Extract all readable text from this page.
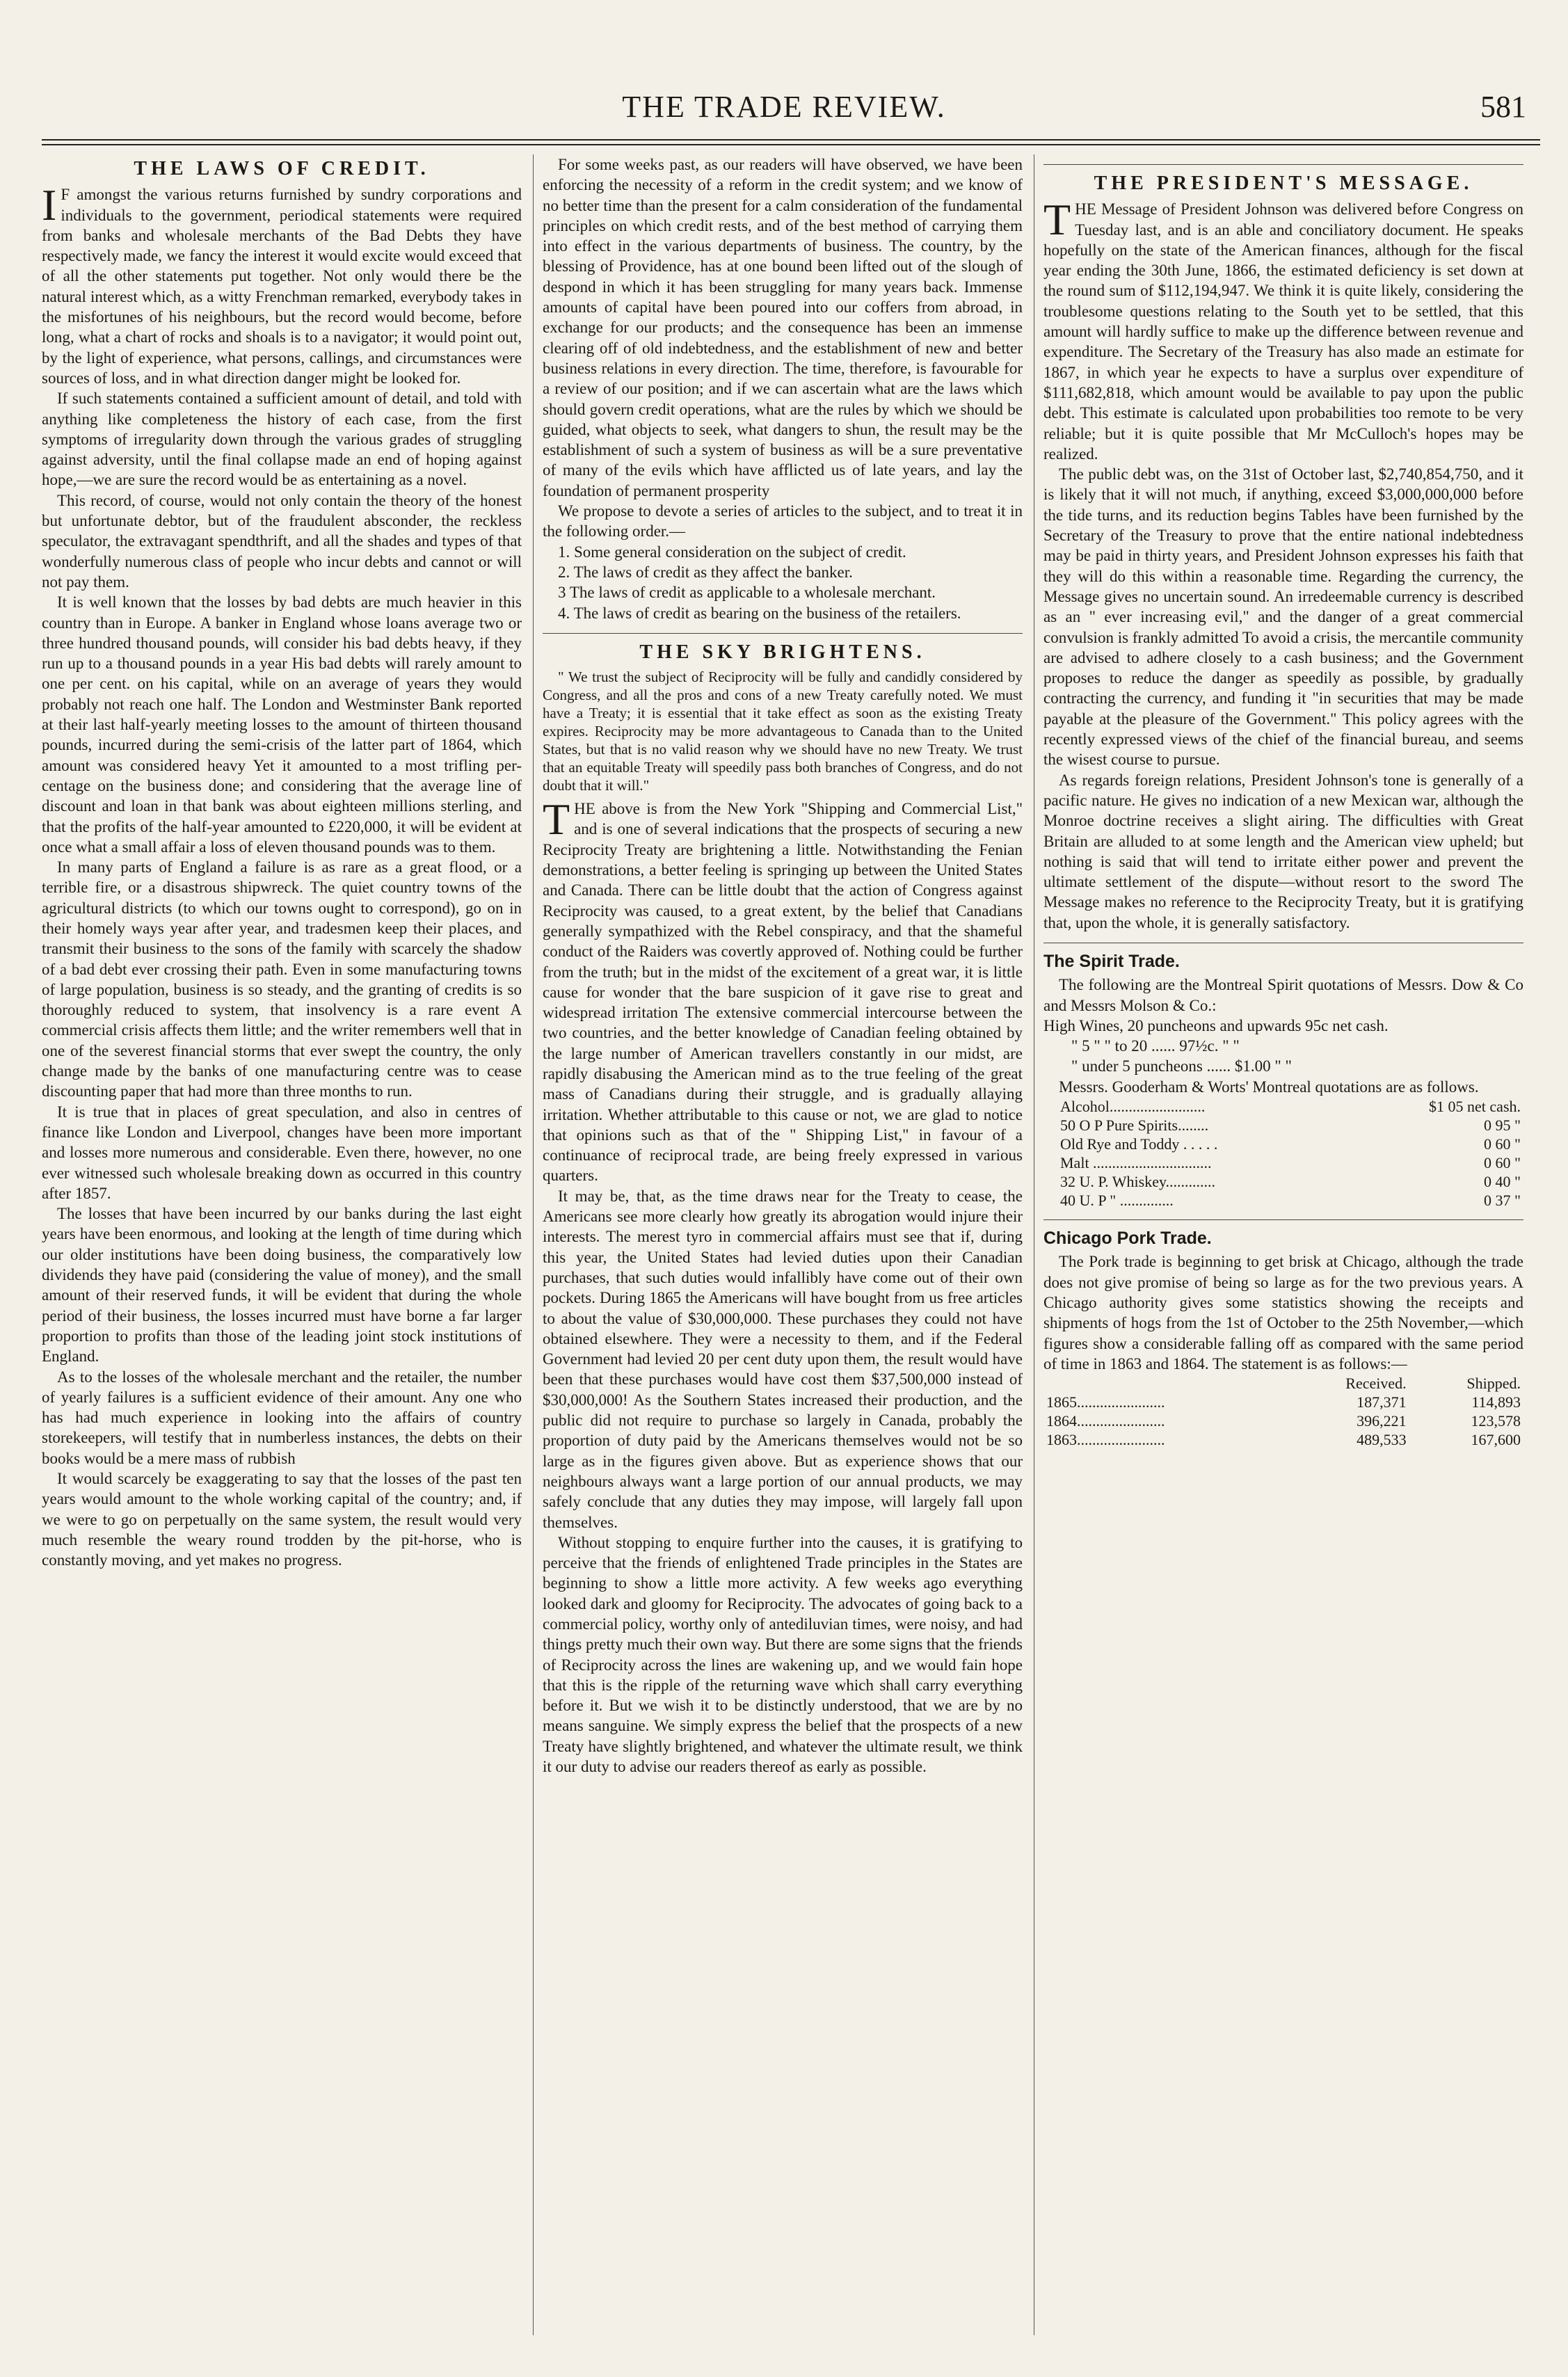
THE TRADE REVIEW.	581
THE LAWS OF CREDIT.

I F amongst the various returns furnished by sundry corporations and individuals to the government, periodical statements were required from banks and wholesale merchants of the Bad Debts they have respectively made, we fancy the interest it would excite would exceed that of all the other statements put together. Not only would there be the natural interest which, as a witty Frenchman remarked, everybody takes in the misfortunes of his neighbours, but the record would become, before long, what a chart of rocks and shoals is to a navigator; it would point out, by the light of experience, what persons, callings, and circumstances were sources of loss, and in what direction danger might be looked for.

If such statements contained a sufficient amount of detail, and told with anything like completeness the history of each case, from the first symptoms of irregularity down through the various grades of struggling against adversity, until the final collapse made an end of hoping against hope,—we are sure the record would be as entertaining as a novel.

This record, of course, would not only contain the theory of the honest but unfortunate debtor, but of the fraudulent absconder, the reckless speculator, the extravagant spendthrift, and all the shades and types of that wonderfully numerous class of people who incur debts and cannot or will not pay them.

It is well known that the losses by bad debts are much heavier in this country than in Europe. A banker in England whose loans average two or three hundred thousand pounds, will consider his bad debts heavy, if they run up to a thousand pounds in a year His bad debts will rarely amount to one per cent. on his capital, while on an average of years they would probably not reach one half. The London and Westminster Bank reported at their last half-yearly meeting losses to the amount of thirteen thousand pounds, incurred during the semi-crisis of the latter part of 1864, which amount was considered heavy Yet it amounted to a most trifling per-centage on the business done; and considering that the average line of discount and loan in that bank was about eighteen millions sterling, and that the profits of the half-year amounted to £220,000, it will be evident at once what a small affair a loss of eleven thousand pounds was to them.

In many parts of England a failure is as rare as a great flood, or a terrible fire, or a disastrous shipwreck. The quiet country towns of the agricultural districts (to which our towns ought to correspond), go on in their homely ways year after year, and tradesmen keep their places, and transmit their business to the sons of the family with scarcely the shadow of a bad debt ever crossing their path. Even in some manufacturing towns of large population, business is so steady, and the granting of credits is so thoroughly reduced to system, that insolvency is a rare event A commercial crisis affects them little; and the writer remembers well that in one of the severest financial storms that ever swept the country, the only change made by the banks of one manufacturing centre was to cease discounting paper that had more than three months to run.

It is true that in places of great speculation, and also in centres of finance like London and Liverpool, changes have been more important and losses more numerous and considerable. Even there, however, no one ever witnessed such wholesale breaking down as occurred in this country after 1857.

The losses that have been incurred by our banks during the last eight years have been enormous, and looking at the length of time during which our older institutions have been doing business, the comparatively low dividends they have paid (considering the value of money), and the small amount of their reserved funds, it will be evident that during the whole period of their business, the losses incurred must have borne a far larger proportion to profits than those of the leading joint stock institutions of England.

As to the losses of the wholesale merchant and the retailer, the number of yearly failures is a sufficient evidence of their amount. Any one who has had much experience in looking into the affairs of country storekeepers, will testify that in numberless instances, the debts on their books would be a mere mass of rubbish

It would scarcely be exaggerating to say that the losses of the past ten years would amount to the whole working capital of the country; and, if we were to go on perpetually on the same system, the result would very much resemble the weary round trodden by the pit-horse, who is constantly moving, and yet makes no progress.

For some weeks past, as our readers will have observed, we have been enforcing the necessity of a reform in the credit system; and we know of no better time than the present for a calm consideration of the fundamental principles on which credit rests, and of the best method of carrying them into effect in the various departments of business. The country, by the blessing of Providence, has at one bound been lifted out of the slough of despond in which it has been struggling for many years back. Immense amounts of capital have been poured into our coffers from abroad, in exchange for our products; and the consequence has been an immense clearing off of old indebtedness, and the establishment of new and better business relations in every direction. The time, therefore, is favourable for a review of our position; and if we can ascertain what are the laws which should govern credit operations, what are the rules by which we should be guided, what objects to seek, what dangers to shun, the result may be the establishment of such a system of business as will be a sure preventative of many of the evils which have afflicted us of late years, and lay the foundation of permanent prosperity

We propose to devote a series of articles to the subject, and to treat it in the following order.—

1. Some general consideration on the subject of credit.

2. The laws of credit as they affect the banker.

3 The laws of credit as applicable to a wholesale merchant.

4. The laws of credit as bearing on the business of the retailers.

THE SKY BRIGHTENS.

" We trust the subject of Reciprocity will be fully and candidly considered by Congress, and all the pros and cons of a new Treaty carefully noted. We must have a Treaty; it is essential that it take effect as soon as the existing Treaty expires. Reciprocity may be more advantageous to Canada than to the United States, but that is no valid reason why we should have no new Treaty. We trust that an equitable Treaty will speedily pass both branches of Congress, and do not doubt that it will."

THE above is from the New York "Shipping and Commercial List," and is one of several indications that the prospects of securing a new Reciprocity Treaty are brightening a little. Notwithstanding the Fenian demonstrations, a better feeling is springing up between the United States and Canada. There can be little doubt that the action of Congress against Reciprocity was caused, to a great extent, by the belief that Canadians generally sympathized with the Rebel conspiracy, and that the shameful conduct of the Raiders was covertly approved of. Nothing could be further from the truth; but in the midst of the excitement of a great war, it is little cause for wonder that the bare suspicion of it gave rise to great and widespread irritation The extensive commercial intercourse between the two countries, and the better knowledge of Canadian feeling obtained by the large number of American travellers constantly in our midst, are rapidly disabusing the American mind as to the true feeling of the great mass of Canadians during their struggle, and is gradually allaying irritation. Whether attributable to this cause or not, we are glad to notice that opinions such as that of the " Shipping List," in favour of a continuance of reciprocal trade, are being freely expressed in various quarters.

It may be, that, as the time draws near for the Treaty to cease, the Americans see more clearly how greatly its abrogation would injure their interests. The merest tyro in commercial affairs must see that if, during this year, the United States had levied duties upon their Canadian purchases, that such duties would infallibly have come out of their own pockets. During 1865 the Americans will have bought from us free articles to about the value of $30,000,000. These purchases they could not have obtained elsewhere. They were a necessity to them, and if the Federal Government had levied 20 per cent duty upon them, the result would have been that these purchases would have cost them $37,500,000 instead of $30,000,000! As the Southern States increased their production, and the public did not require to purchase so largely in Canada, probably the proportion of duty paid by the Americans themselves would not be so large as in the figures given above. But as experience shows that our neighbours always want a large portion of our annual products, we may safely conclude that any duties they may impose, will largely fall upon themselves.

Without stopping to enquire further into the causes, it is gratifying to perceive that the friends of enlightened Trade principles in the States are beginning to show a little more activity. A few weeks ago everything looked dark and gloomy for Reciprocity. The advocates of going back to a commercial policy, worthy only of antediluvian times, were noisy, and had things pretty much their own way. But there are some signs that the friends of Reciprocity across the lines are wakening up, and we would fain hope that this is the ripple of the returning wave which shall carry everything before it. But we wish it to be distinctly understood, that we are by no means sanguine. We simply express the belief that the prospects of a new Treaty have slightly brightened, and whatever the ultimate result, we think it our duty to advise our readers thereof as early as possible.

THE PRESIDENT'S MESSAGE.

THE Message of President Johnson was delivered before Congress on Tuesday last, and is an able and conciliatory document. He speaks hopefully on the state of the American finances, although for the fiscal year ending the 30th June, 1866, the estimated deficiency is set down at the round sum of $112,194,947. We think it is quite likely, considering the troublesome questions relating to the South yet to be settled, that this amount will hardly suffice to make up the difference between revenue and expenditure. The Secretary of the Treasury has also made an estimate for 1867, in which year he expects to have a surplus over expenditure of $111,682,818, which amount would be available to pay upon the public debt. This estimate is calculated upon probabilities too remote to be very reliable; but it is quite possible that Mr McCulloch's hopes may be realized.

The public debt was, on the 31st of October last, $2,740,854,750, and it is likely that it will not much, if anything, exceed $3,000,000,000 before the tide turns, and its reduction begins Tables have been furnished by the Secretary of the Treasury to prove that the entire national indebtedness may be paid in thirty years, and President Johnson expresses his faith that they will do this within a reasonable time. Regarding the currency, the Message gives no uncertain sound. An irredeemable currency is described as an " ever increasing evil," and the danger of a great commercial convulsion is frankly admitted To avoid a crisis, the mercantile community are advised to adhere closely to a cash business; and the Government proposes to reduce the danger as speedily as possible, by gradually contracting the currency, and funding it "in securities that may be made payable at the pleasure of the Government." This policy agrees with the recently expressed views of the chief of the financial bureau, and seems the wisest course to pursue.

As regards foreign relations, President Johnson's tone is generally of a pacific nature. He gives no indication of a new Mexican war, although the Monroe doctrine receives a slight airing. The difficulties with Great Britain are alluded to at some length and the American view upheld; but nothing is said that will tend to irritate either power and prevent the ultimate settlement of the dispute—without resort to the sword The Message makes no reference to the Reciprocity Treaty, but it is gratifying that, upon the whole, it is generally satisfactory.

The Spirit Trade.

The following are the Montreal Spirit quotations of Messrs. Dow & Co and Messrs Molson & Co.:

High Wines, 20 puncheons and upwards 95c net cash.

" 5 " " to 20 ...... 97½c. " "

" under 5 puncheons ...... $1.00 " "

Messrs. Gooderham & Worts' Montreal quotations are as follows.

Alcohol.........................	$1 05 net cash.
50 O P Pure Spirits........	0 95 "
Old Rye and Toddy . . . . .	0 60 "
Malt ...............................	0 60 "
32 U. P. Whiskey.............	0 40 "
40 U. P " ..............	0 37 "
Chicago Pork Trade.

The Pork trade is beginning to get brisk at Chicago, although the trade does not give promise of being so large as for the two previous years. A Chicago authority gives some statistics showing the receipts and shipments of hogs from the 1st of October to the 25th November,—which figures show a considerable falling off as compared with the same period of time in 1863 and 1864. The statement is as follows:—

	Received.	Shipped.
1865.......................	187,371	114,893
1864.......................	396,221	123,578
1863.......................	489,533	167,600
